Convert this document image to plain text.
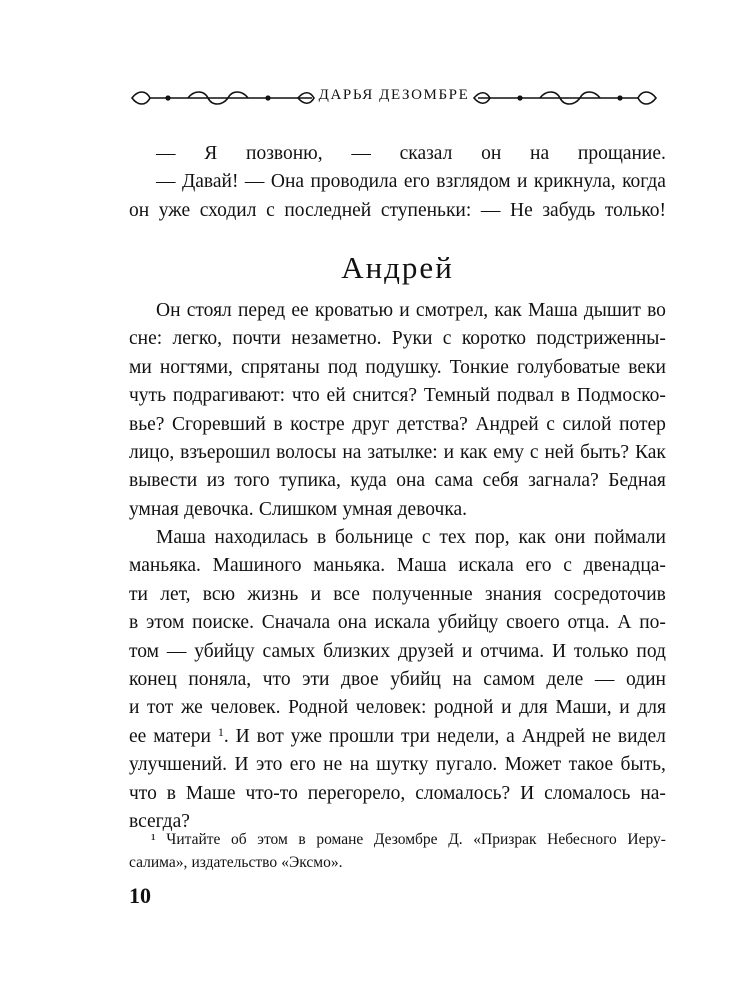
ДАРЬЯ ДЕЗОМБРЕ
— Я позвоню, — сказал он на прощание.
— Давай! — Она проводила его взглядом и крикнула, когда
он уже сходил с последней ступеньки: — Не забудь только!
Андрей
Он стоял перед ее кроватью и смотрел, как Маша дышит во
сне: легко, почти незаметно. Руки с коротко подстриженны-
ми ногтями, спрятаны под подушку. Тонкие голубоватые веки
чуть подрагивают: что ей снится? Темный подвал в Подмоско-
вье? Сгоревший в костре друг детства? Андрей с силой потер
лицо, взъерошил волосы на затылке: и как ему с ней быть? Как
вывести из того тупика, куда она сама себя загнала? Бедная
умная девочка. Слишком умная девочка.
Маша находилась в больнице с тех пор, как они поймали
маньяка. Машиного маньяка. Маша искала его с двенадца-
ти лет, всю жизнь и все полученные знания сосредоточив
в этом поиске. Сначала она искала убийцу своего отца. А по-
том — убийцу самых близких друзей и отчима. И только под
конец поняла, что эти двое убийц на самом деле — один
и тот же человек. Родной человек: родной и для Маши, и для
ее матери $^1$. И вот уже прошли три недели, а Андрей не видел
улучшений. И это его не на шутку пугало. Может такое быть,
что в Маше что-то перегорело, сломалось? И сломалось на-
всегда?
¹ Читайте об этом в романе Дезомбре Д. «Призрак Небесного Иеру-
салима», издательство «Эксмо».
10
